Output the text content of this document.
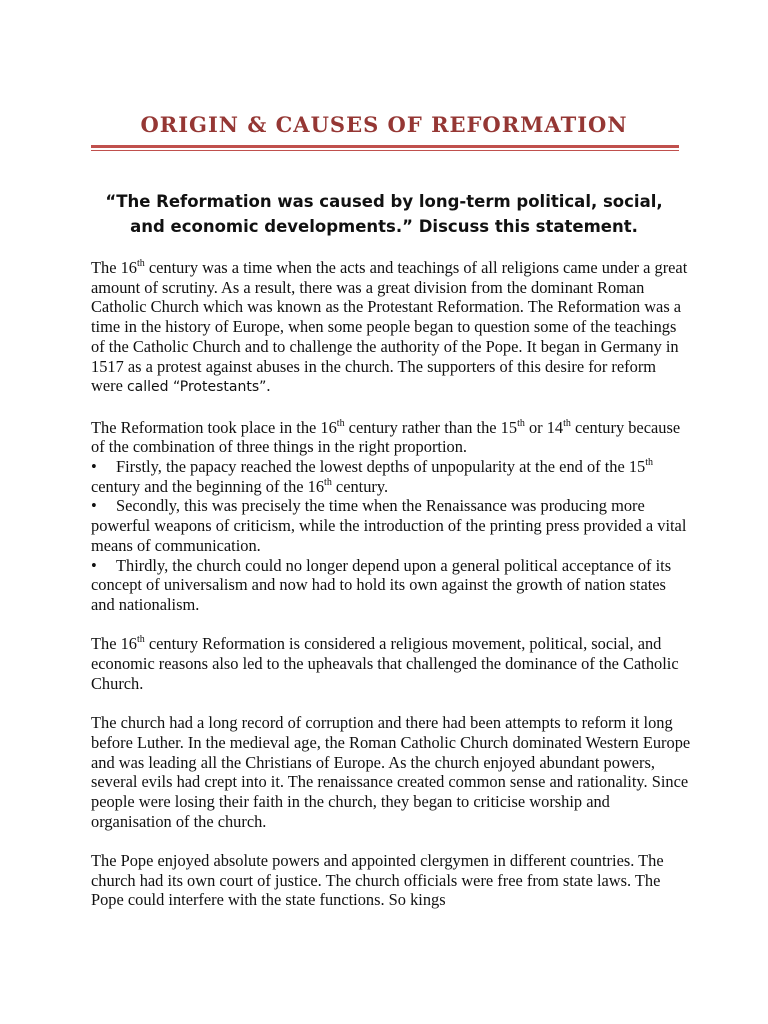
ORIGIN & CAUSES OF REFORMATION
“The Reformation was caused by long-term political, social,
and economic developments.” Discuss this statement.

The 16th century was a time when the acts and teachings of all religions came under a great amount of scrutiny. As a result, there was a great division from the dominant Roman Catholic Church which was known as the Protestant Reformation. The Reformation was a time in the history of Europe, when some people began to question some of the teachings of the Catholic Church and to challenge the authority of the Pope. It began in Germany in 1517 as a protest against abuses in the church. The supporters of this desire for reform were called “Protestants”.

The Reformation took place in the 16th century rather than the 15th or 14th century because of the combination of three things in the right proportion.
• Firstly, the papacy reached the lowest depths of unpopularity at the end of the 15th century and the beginning of the 16th century.
• Secondly, this was precisely the time when the Renaissance was producing more powerful weapons of criticism, while the introduction of the printing press provided a vital means of communication.
• Thirdly, the church could no longer depend upon a general political acceptance of its concept of universalism and now had to hold its own against the growth of nation states and nationalism.

The 16th century Reformation is considered a religious movement, political, social, and economic reasons also led to the upheavals that challenged the dominance of the Catholic Church.

The church had a long record of corruption and there had been attempts to reform it long before Luther. In the medieval age, the Roman Catholic Church dominated Western Europe and was leading all the Christians of Europe. As the church enjoyed abundant powers, several evils had crept into it. The renaissance created common sense and rationality. Since people were losing their faith in the church, they began to criticise worship and organisation of the church.

The Pope enjoyed absolute powers and appointed clergymen in different countries. The church had its own court of justice. The church officials were free from state laws. The Pope could interfere with the state functions. So kings
